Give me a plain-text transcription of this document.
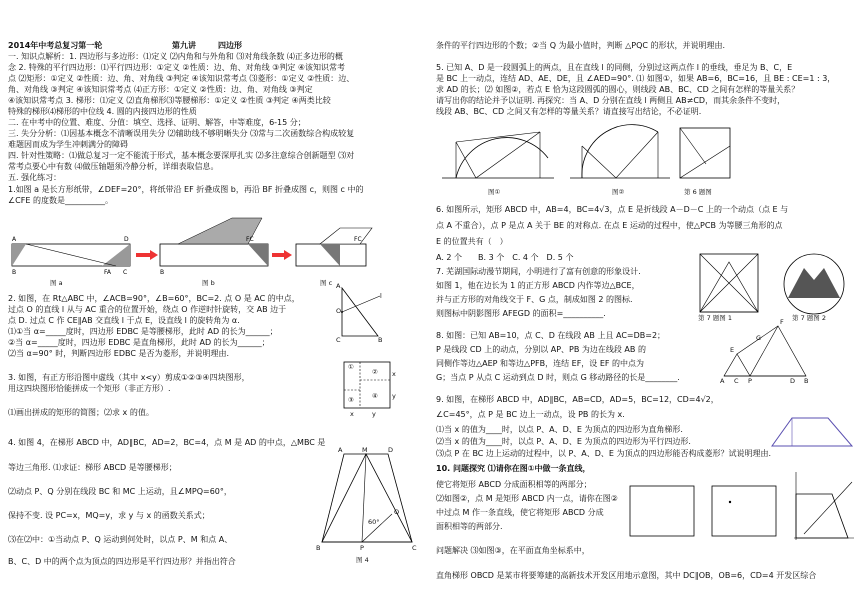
2014年中考总复习第一轮	第九讲	四边形
一. 知识点解析：1. 四边形与多边形：⑴定义 ⑵内角和与外角和 ⑶对角线条数 ⑷正多边形的概
念 2. 特殊的平行四边形：⑴平行四边形：①定义 ②性质：边、角、对角线 ③判定 ④该知识常考
点 ⑵矩形：①定义 ②性质：边、角、对角线 ③判定 ④该知识常考点 ⑶菱形：①定义 ②性质：边、
角、对角线 ③判定 ④该知识常考点 ⑷正方形：①定义 ②性质：边、角、对角线 ③判定
④该知识常考点 3. 梯形：⑴定义 ⑵直角梯形⑶等腰梯形：①定义 ②性质 ③判定 ④两类比较
特殊的梯形⑷梯形的中位线 4. 圆的内接四边形的性质
二. 在中考中的位置、难度、分值：填空、选择、证明、解答，中等难度，6-15 分；
三. 失分分析：⑴因基本概念不清晰误用失分 ⑵辅助线不够明晰失分 ⑶常与二次函数综合构成较复
难题因而成为学生冲刺满分的障碍
四. 针对性策略：⑴做总复习一定不能流于形式，基本概念要深厚扎实 ⑵多注意综合创新题型 ⑶对
常考点要心中有数 ⑷做压轴题须冷静分析，详细表取信息。
五. 强化练习：
1.如图 a 是长方形纸带，∠DEF=20°，将纸带沿 EF 折叠成图 b，再沿 BF 折叠成图 c，则图 c 中的
∠CFE 的度数是__________。
A	D
B	FA C	B
FC	FC
图 a	图 b	图 c
2. 如图，在 Rt△ABC 中，∠ACB=90°，∠B=60°，BC=2. 点 O 是 AC 的中点，
过点 O 的直线 l 从与 AC 重合的位置开始，绕点 O 作逆时针旋转，交 AB 边于
点 D. 过点 C 作 CE∥AB 交直线 l 于点 E，设直线 l 的旋转角为 α.
⑴①当 α=_____度时，四边形 EDBC 是等腰梯形，此时 AD 的长为______；
②当 α=_____度时，四边形 EDBC 是直角梯形，此时 AD 的长为______；
⑵当 α=90° 时，判断四边形 EDBC 是否为菱形，并说明理由.
A
B
C
O
l
3. 如图，有正方形沿图中虚线（其中 x<y）剪成①②③④四块图形，
用这四块图形恰能拼成一个矩形（非正方形）.
⑴画出拼成的矩形的简图；⑵求 x 的值。
①
②
③	④
x
y
x	y
4. 如图 4，在梯形 ABCD 中，AD∥BC，AD=2，BC=4，点 M 是 AD 的中点，△MBC 是
等边三角形. ⑴求证：梯形 ABCD 是等腰梯形；
⑵动点 P、Q 分别在线段 BC 和 MC 上运动，且∠MPQ=60°，
保持不变. 设 PC=x，MQ=y，求 y 与 x 的函数关系式；
⑶在⑵中：①当动点 P、Q 运动到何处时，以点 P、M 和点 A、
B、C、D 中的两个点为顶点的四边形是平行四边形？并指出符合
A	M	D
B	P	C
Q
60°
图 4
条件的平行四边形的个数；②当 Q 为最小值时，判断 △PQC 的形状，并说明理由.
5. 已知 A、D 是一段圆弧上的两点，且在直线 l 的同侧，分别过这两点作 l 的垂线，垂足为 B、C，E
是 BC 上一动点，连结 AD、AE、DE，且 ∠AED=90°. ⑴ 如图①，如果 AB=6，BC=16，且 BE : CE=1 : 3，
求 AD 的长；⑵ 如图②，若点 E 恰为这段圆弧的圆心，则线段 AB、BC、CD 之间有怎样的等量关系？
请写出你的结论并予以证明. 再探究：当 A、D 分别在直线 l 两侧且 AB≠CD，而其余条件不变时，
线段 AB、BC、CD 之间又有怎样的等量关系？请直接写出结论，不必证明.
图①	图②	第 6 题图
6. 如图所示，矩形 ABCD 中，AB=4，BC=4√3，点 E 是折线段 A－D－C 上的一个动点（点 E 与
点 A 不重合），点 P 是点 A 关于 BE 的对称点. 在点 E 运动的过程中，使△PCB 为等腰三角形的点
E 的位置共有（　）
A. 2 个　　B. 3 个　C. 4 个　D. 5 个
7. 芜湖国际动漫节期间，小明进行了富有创意的形象设计.
如图 1，他在边长为 1 的正方形 ABCD 内作等边△BCE，
并与正方形的对角线交于 F、G 点，制成如图 2 的图标.
则图标中阴影图形 AFEGD 的面积=__________.	第 7 题图 1	第 7 题图 2
8. 如图：已知 AB=10，点 C、D 在线段 AB 上且 AC=DB=2；
P 是线段 CD 上的动点，分别以 AP、PB 为边在线段 AB 的
同侧作等边△AEP 和等边△PFB，连结 EF，设 EF 的中点为
G；当点 P 从点 C 运动到点 D 时，则点 G 移动路径的长是________.	A C P	D B
E
F
G
9. 如图，在梯形 ABCD 中，AD∥BC，AB=CD，AD=5，BC=12，CD=4√2，
∠C=45°，点 P 是 BC 边上一动点，设 PB 的长为 x.
⑴当 x 的值为____时，以点 P、A、D、E 为顶点的四边形为直角梯形.
⑵当 x 的值为____时，以点 P、A、D、E 为顶点的四边形为平行四边形.
⑶点 P 在 BC 边上运动的过程中，以 P、A、D、E 为顶点的四边形能否构成菱形？试说明理由.
10. 问题探究 ⑴请你在图①中做一条直线，
使它将矩形 ABCD 分成面积相等的两部分；
⑵如图②，点 M 是矩形 ABCD 内一点，请你在图②
中过点 M 作一条直线，使它将矩形 ABCD 分成
面积相等的两部分.
问题解决 ⑶如图③，在平面直角坐标系中，
直角梯形 OBCD 是某市将要筹建的高新技术开发区用地示意图，其中 DC∥OB，OB=6，CD=4 开发区综合
